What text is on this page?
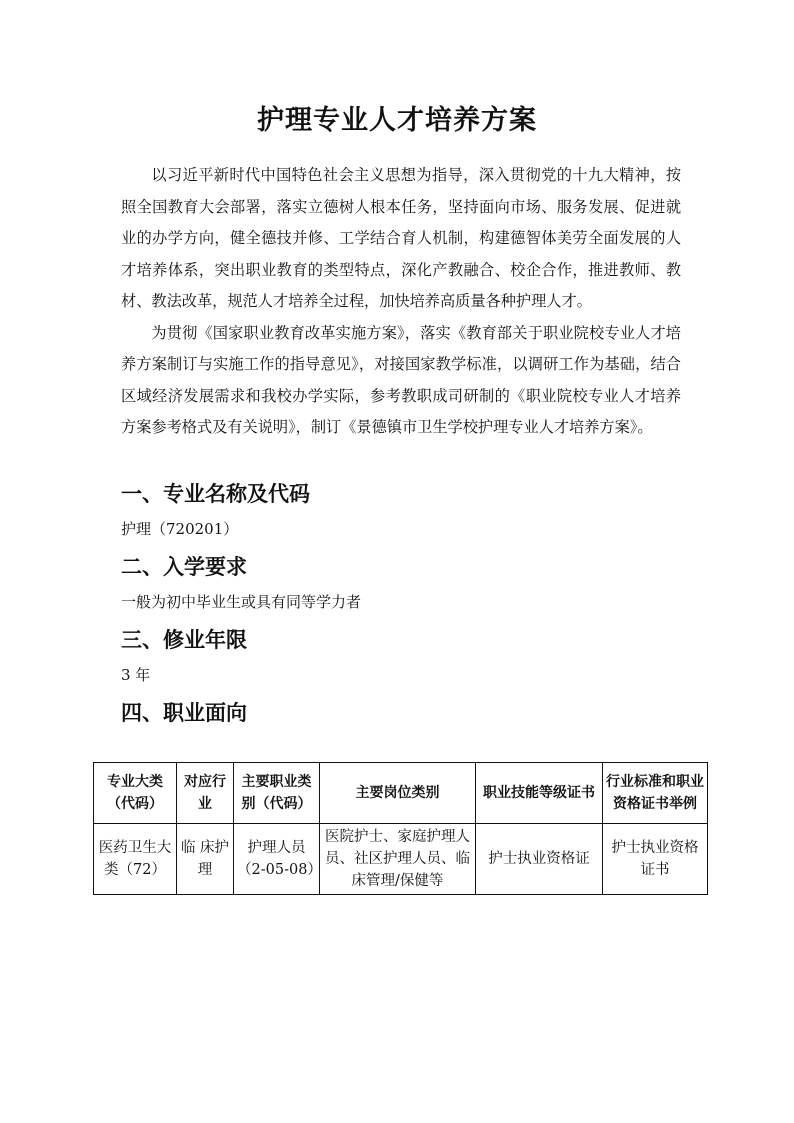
护理专业人才培养方案

以习近平新时代中国特色社会主义思想为指导，深入贯彻党的十九大精神，按照全国教育大会部署，落实立德树人根本任务，坚持面向市场、服务发展、促进就业的办学方向，健全德技并修、工学结合育人机制，构建德智体美劳全面发展的人才培养体系，突出职业教育的类型特点，深化产教融合、校企合作，推进教师、教材、教法改革，规范人才培养全过程，加快培养高质量各种护理人才。

为贯彻《国家职业教育改革实施方案》，落实《教育部关于职业院校专业人才培养方案制订与实施工作的指导意见》，对接国家教学标准，以调研工作为基础，结合区域经济发展需求和我校办学实际，参考教职成司研制的《职业院校专业人才培养方案参考格式及有关说明》，制订《景德镇市卫生学校护理专业人才培养方案》。

一、专业名称及代码
护理（720201）
二、入学要求
一般为初中毕业生或具有同等学力者
三、修业年限
3 年
四、职业面向
专业大类（代码）	对应行业	主要职业类别（代码）	主要岗位类别	职业技能等级证书	行业标准和职业资格证书举例
医药卫生大类（72）	临 床护理	护理人员（2-05-08）	医院护士、家庭护理人员、社区护理人员、临床管理/保健等	护士执业资格证	护士执业资格证书
